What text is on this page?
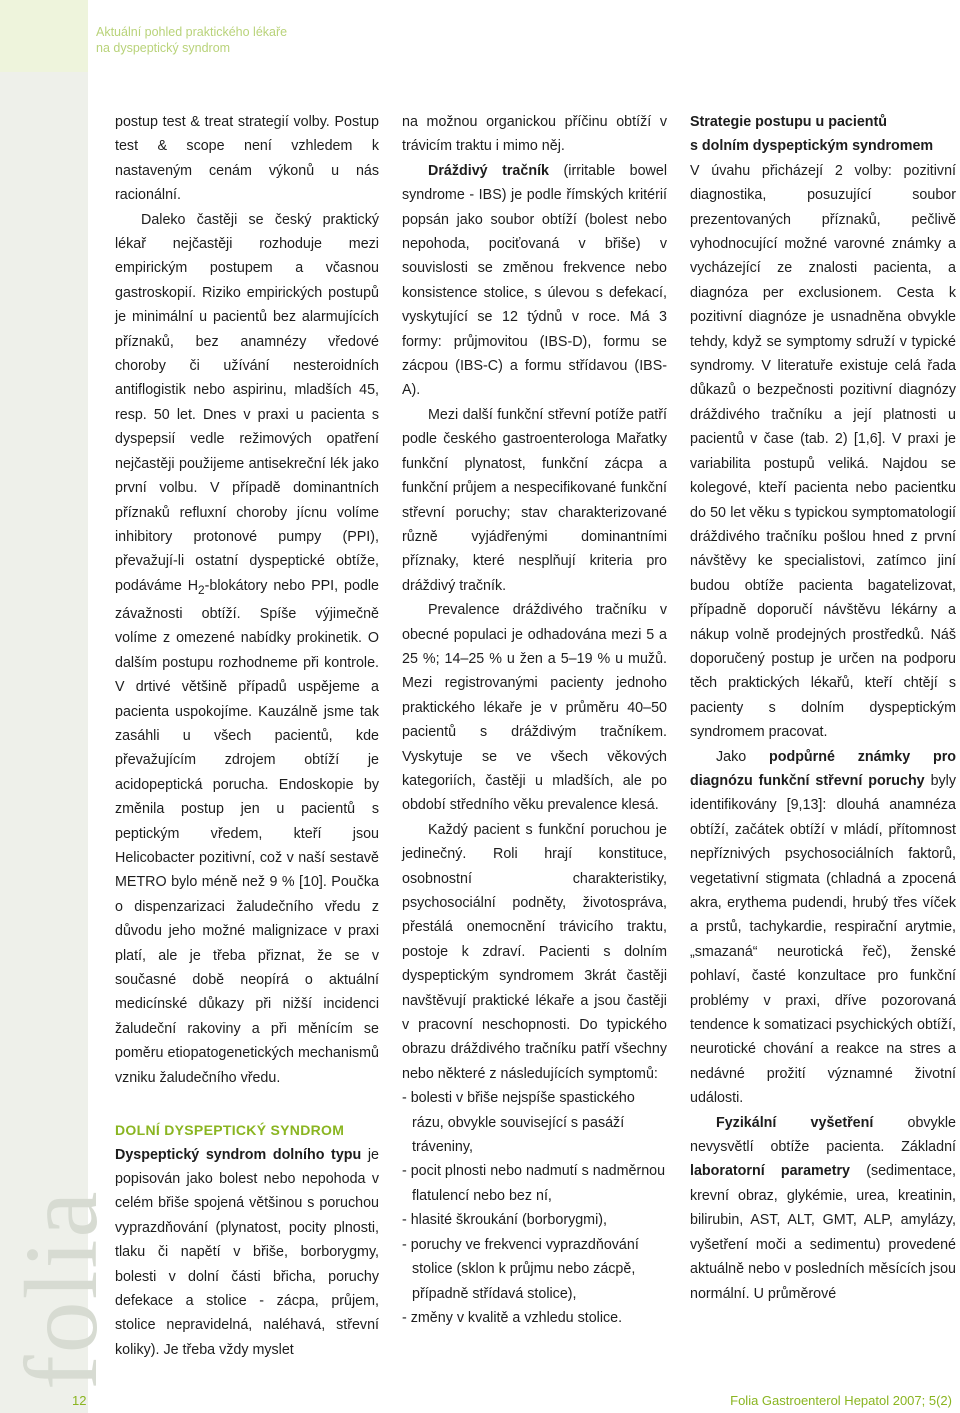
folia
Aktuální pohled praktického lékaře
na dyspeptický syndrom

postup test & treat strategií volby. Postup test & scope není vzhledem k nastaveným cenám výkonů u nás racionální.

Daleko častěji se český praktický lékař nejčastěji rozhoduje mezi empirickým postupem a včasnou gastroskopií. Riziko empirických postupů je minimální u pacientů bez alarmujících příznaků, bez anamnézy vředové choroby či užívání nesteroidních antiflogistik nebo aspirinu, mladších 45, resp. 50 let. Dnes v praxi u pacienta s dyspepsií vedle režimových opatření nejčastěji použijeme antisekreční lék jako první volbu. V případě dominantních příznaků refluxní choroby jícnu volíme inhibitory protonové pumpy (PPI), převažují-li ostatní dyspeptické obtíže, podáváme $H_2$-blokátory nebo PPI, podle závažnosti obtíží. Spíše výjimečně volíme z omezené nabídky prokinetik. O dalším postupu rozhodneme při kontrole. V drtivé většině případů uspějeme a pacienta uspokojíme. Kauzálně jsme tak zasáhli u všech pacientů, kde převažujícím zdrojem obtíží je acidopeptická porucha. Endoskopie by změnila postup jen u pacientů s peptickým vředem, kteří jsou Helicobacter pozitivní, což v naší sestavě METRO bylo méně než 9 % [10]. Poučka o dispenzarizaci žaludečního vředu z důvodu jeho možné malignizace v praxi platí, ale je třeba přiznat, že se v současné době neopírá o aktuální medicínské důkazy při nižší incidenci žaludeční rakoviny a při měnícím se poměru etiopatogenetických mechanismů vzniku žaludečního vředu.

DOLNÍ DYSPEPTICKÝ SYNDROM

Dyspeptický syndrom dolního typu je popisován jako bolest nebo nepohoda v celém břiše spojená většinou s poruchou vyprazdňování (plynatost, pocity plnosti, tlaku či napětí v břiše, borborygmy, bolesti v dolní části břicha, poruchy defekace a stolice - zácpa, průjem, stolice nepravidelná, naléhavá, střevní koliky). Je třeba vždy myslet

na možnou organickou příčinu obtíží v trávicím traktu i mimo něj.

Dráždivý tračník (irritable bowel syndrome - IBS) je podle římských kritérií popsán jako soubor obtíží (bolest nebo nepohoda, pociťovaná v břiše) v souvislosti se změnou frekvence nebo konsistence stolice, s úlevou s defekací, vyskytující se 12 týdnů v roce. Má 3 formy: průjmovitou (IBS-D), formu se zácpou (IBS-C) a formu střídavou (IBS-A).

Mezi další funkční střevní potíže patří podle českého gastroenterologa Mařatky funkční plynatost, funkční zácpa a funkční průjem a nespecifikované funkční střevní poruchy; stav charakterizované různě vyjádřenými dominantními příznaky, které nesplňují kriteria pro dráždivý tračník.

Prevalence dráždivého tračníku v obecné populaci je odhadována mezi 5 a 25 %; 14–25 % u žen a 5–19 % u mužů. Mezi registrovanými pacienty jednoho praktického lékaře je v průměru 40–50 pacientů s dráždivým tračníkem. Vyskytuje se ve všech věkových kategoriích, častěji u mladších, ale po období středního věku prevalence klesá.

Každý pacient s funkční poruchou je jedinečný. Roli hrají konstituce, osobnostní charakteristiky, psychosociální podněty, životospráva, přestálá onemocnění trávicího traktu, postoje k zdraví. Pacienti s dolním dyspeptickým syndromem 3krát častěji navštěvují praktické lékaře a jsou častěji v pracovní neschopnosti. Do typického obrazu dráždivého tračníku patří všechny nebo některé z následujících symptomů:

- bolesti v břiše nejspíše spastického rázu, obvykle související s pasáží tráveniny,

- pocit plnosti nebo nadmutí s nadměrnou flatulencí nebo bez ní,

- hlasité škroukání (borborygmi),

- poruchy ve frekvenci vyprazdňování stolice (sklon k průjmu nebo zácpě, případně střídavá stolice),

- změny v kvalitě a vzhledu stolice.

Strategie postupu u pacientů
s dolním dyspeptickým syndromem

V úvahu přicházejí 2 volby: pozitivní diagnostika, posuzující soubor prezentovaných příznaků, pečlivě vyhodnocující možné varovné známky a vycházející ze znalosti pacienta, a diagnóza per exclusionem. Cesta k pozitivní diagnóze je usnadněna obvykle tehdy, když se symptomy sdruží v typické syndromy. V literatuře existuje celá řada důkazů o bezpečnosti pozitivní diagnózy dráždivého tračníku a její platnosti u pacientů v čase (tab. 2) [1,6]. V praxi je variabilita postupů veliká. Najdou se kolegové, kteří pacienta nebo pacientku do 50 let věku s typickou symptomatologií dráždivého tračníku pošlou hned z první návštěvy ke specialistovi, zatímco jiní budou obtíže pacienta bagatelizovat, případně doporučí návštěvu lékárny a nákup volně prodejných prostředků. Náš doporučený postup je určen na podporu těch praktických lékařů, kteří chtějí s pacienty s dolním dyspeptickým syndromem pracovat.

Jako podpůrné známky pro diagnózu funkční střevní poruchy byly identifikovány [9,13]: dlouhá anamnéza obtíží, začátek obtíží v mládí, přítomnost nepříznivých psychosociálních faktorů, vegetativní stigmata (chladná a zpocená akra, erythema pudendi, hrubý třes víček a prstů, tachykardie, respirační arytmie, „smazaná“ neurotická řeč), ženské pohlaví, časté konzultace pro funkční problémy v praxi, dříve pozorovaná tendence k somatizaci psychických obtíží, neurotické chování a reakce na stres a nedávné prožití významné životní události.

Fyzikální vyšetření obvykle nevysvětlí obtíže pacienta. Základní laboratorní parametry (sedimentace, krevní obraz, glykémie, urea, kreatinin, bilirubin, AST, ALT, GMT, ALP, amylázy, vyšetření moči a sedimentu) provedené aktuálně nebo v posledních měsících jsou normální. U průměrové

12	Folia Gastroenterol Hepatol 2007; 5(2)
